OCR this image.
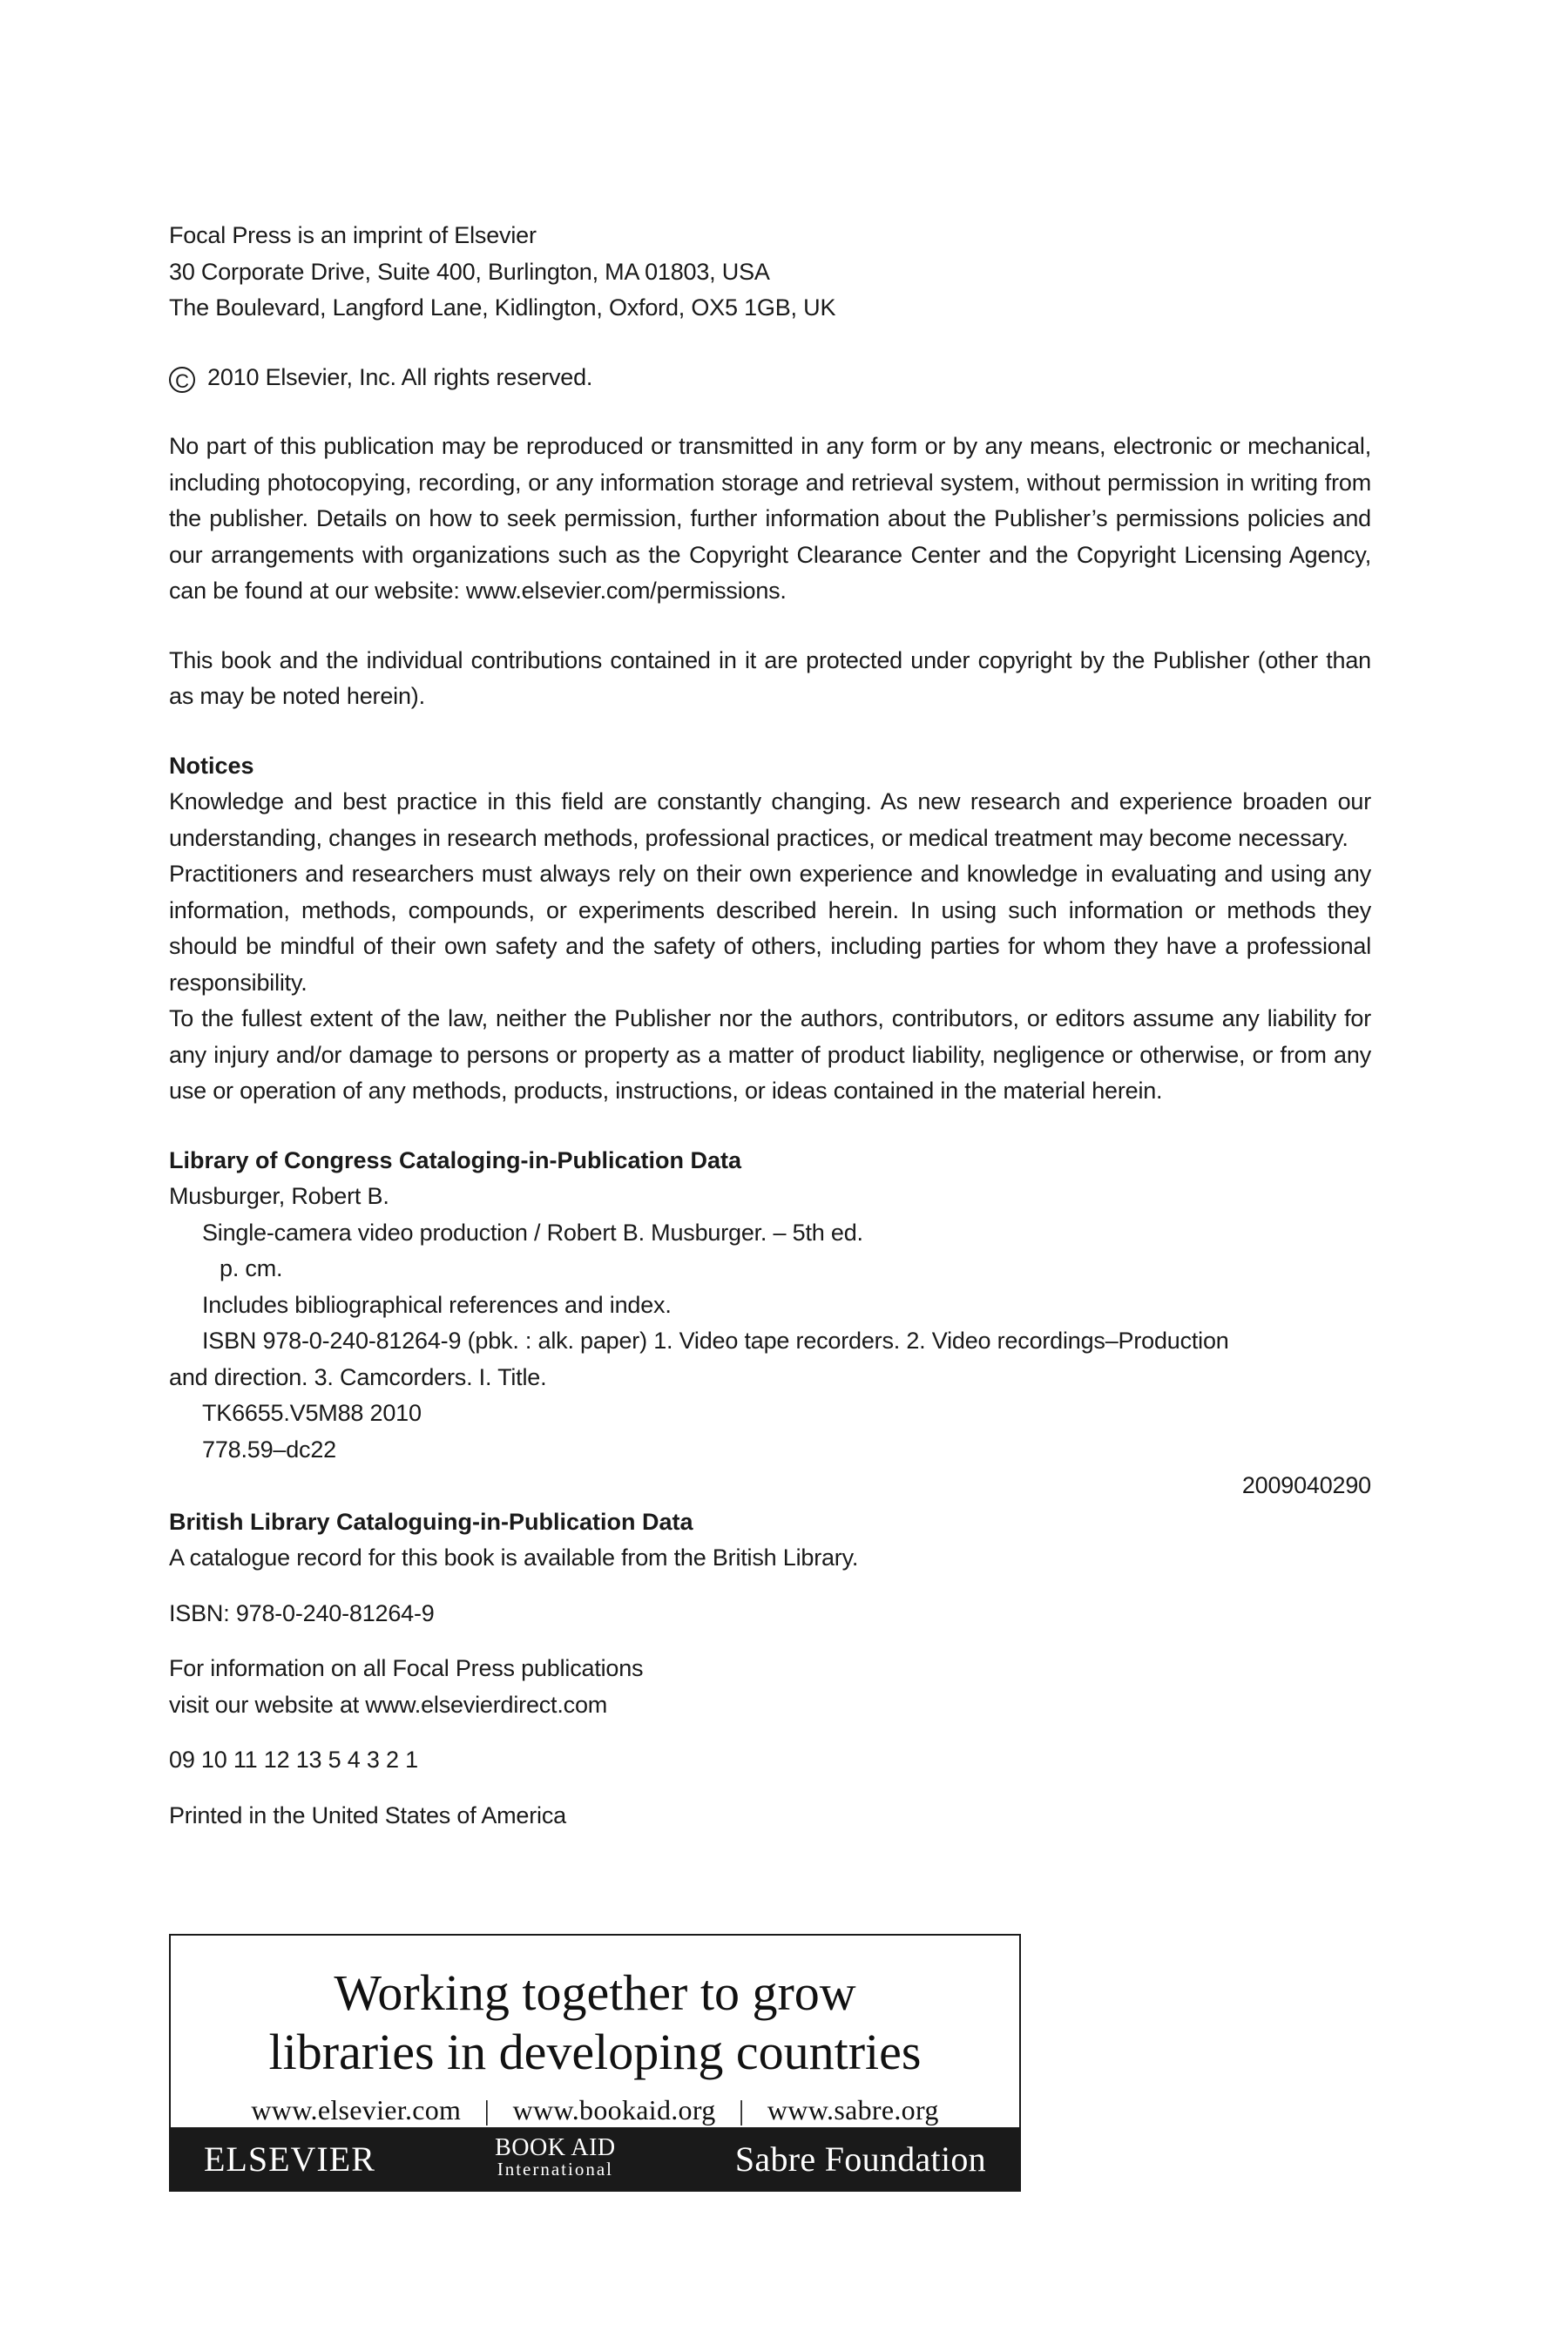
Focal Press is an imprint of Elsevier
30 Corporate Drive, Suite 400, Burlington, MA 01803, USA
The Boulevard, Langford Lane, Kidlington, Oxford, OX5 1GB, UK
C 2010 Elsevier, Inc. All rights reserved.

No part of this publication may be reproduced or transmitted in any form or by any means, electronic or mechanical, including photocopying, recording, or any information storage and retrieval system, without permission in writing from the publisher. Details on how to seek permission, further information about the Publisher’s permissions policies and our arrangements with organizations such as the Copyright Clearance Center and the Copyright Licensing Agency, can be found at our website: www.elsevier.com/permissions.

This book and the individual contributions contained in it are protected under copyright by the Publisher (other than as may be noted herein).

Notices

Knowledge and best practice in this field are constantly changing. As new research and experience broaden our understanding, changes in research methods, professional practices, or medical treatment may become necessary.

Practitioners and researchers must always rely on their own experience and knowledge in evaluating and using any information, methods, compounds, or experiments described herein. In using such information or methods they should be mindful of their own safety and the safety of others, including parties for whom they have a professional responsibility.

To the fullest extent of the law, neither the Publisher nor the authors, contributors, or editors assume any liability for any injury and/or damage to persons or property as a matter of product liability, negligence or otherwise, or from any use or operation of any methods, products, instructions, or ideas contained in the material herein.

Library of Congress Cataloging-in-Publication Data
Musburger, Robert B.
Single-camera video production / Robert B. Musburger. – 5th ed.
p. cm.
Includes bibliographical references and index.
ISBN 978-0-240-81264-9 (pbk. : alk. paper) 1. Video tape recorders. 2. Video recordings–Production
and direction. 3. Camcorders. I. Title.
TK6655.V5M88 2010
778.59–dc22
2009040290
British Library Cataloguing-in-Publication Data
A catalogue record for this book is available from the British Library.
ISBN: 978-0-240-81264-9
For information on all Focal Press publications
visit our website at www.elsevierdirect.com
09 10 11 12 13 5 4 3 2 1
Printed in the United States of America
Working together to grow
libraries in developing countries
www.elsevier.com | www.bookaid.org | www.sabre.org
ELSEVIER	BOOK AID
International	Sabre Foundation
